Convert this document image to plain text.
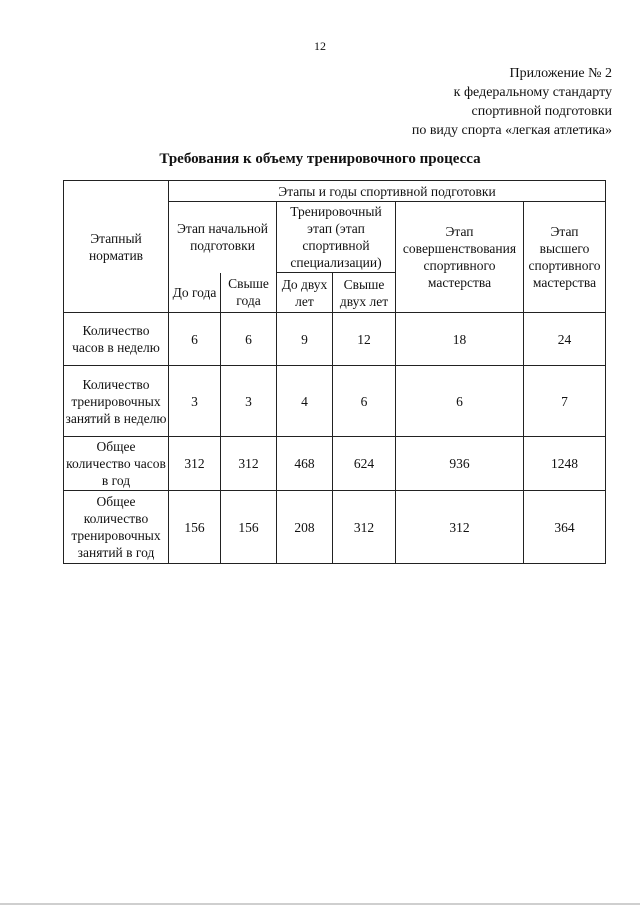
12
Приложение № 2
к федеральному стандарту
спортивной подготовки
по виду спорта «легкая атлетика»
Требования к объему тренировочного процесса
Этапный норматив	Этапы и годы спортивной подготовки					
	Этап начальной подготовки		Тренировочный этап (этап спортивной специализации)		Этап совершенствования спортивного мастерства	Этап высшего спортивного мастерства
	До года	Свыше года	До двух лет	Свыше двух лет		
Количество часов в неделю	6	6	9	12	18	24
Количество тренировочных занятий в неделю	3	3	4	6	6	7
Общее количество часов в год	312	312	468	624	936	1248
Общее количество тренировочных занятий в год	156	156	208	312	312	364
